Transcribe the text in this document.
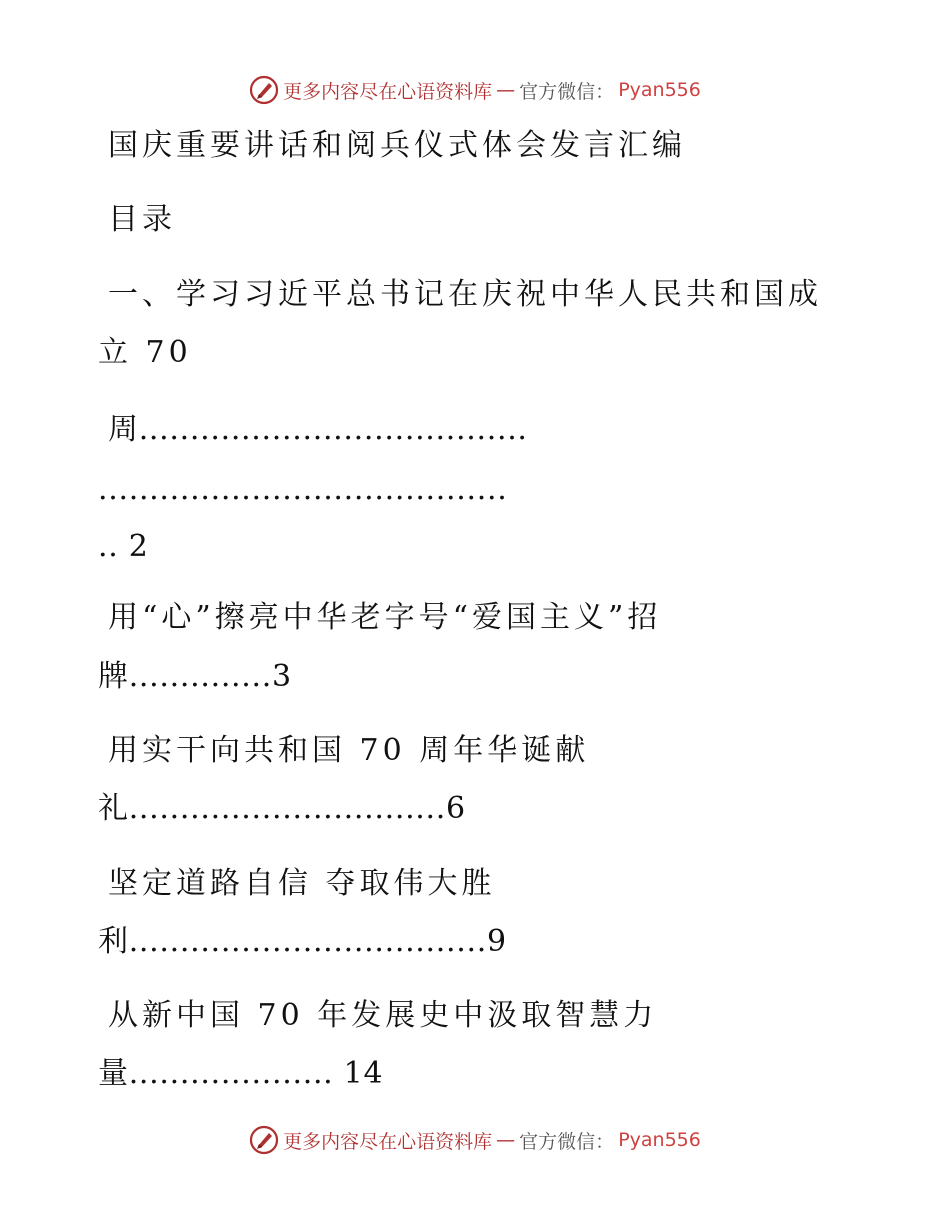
更多内容尽在心语资料库 — 官方微信： Pyan556
国庆重要讲话和阅兵仪式体会发言汇编
目录
一、学习习近平总书记在庆祝中华人民共和国成
立 70
周......................................
........................................
.. 2
用“心”擦亮中华老字号“爱国主义”招
牌..............3
用实干向共和国 70 周年华诞献
礼...............................6
坚定道路自信 夺取伟大胜
利...................................9
从新中国 70 年发展史中汲取智慧力
量.................... 14
更多内容尽在心语资料库 — 官方微信： Pyan556
